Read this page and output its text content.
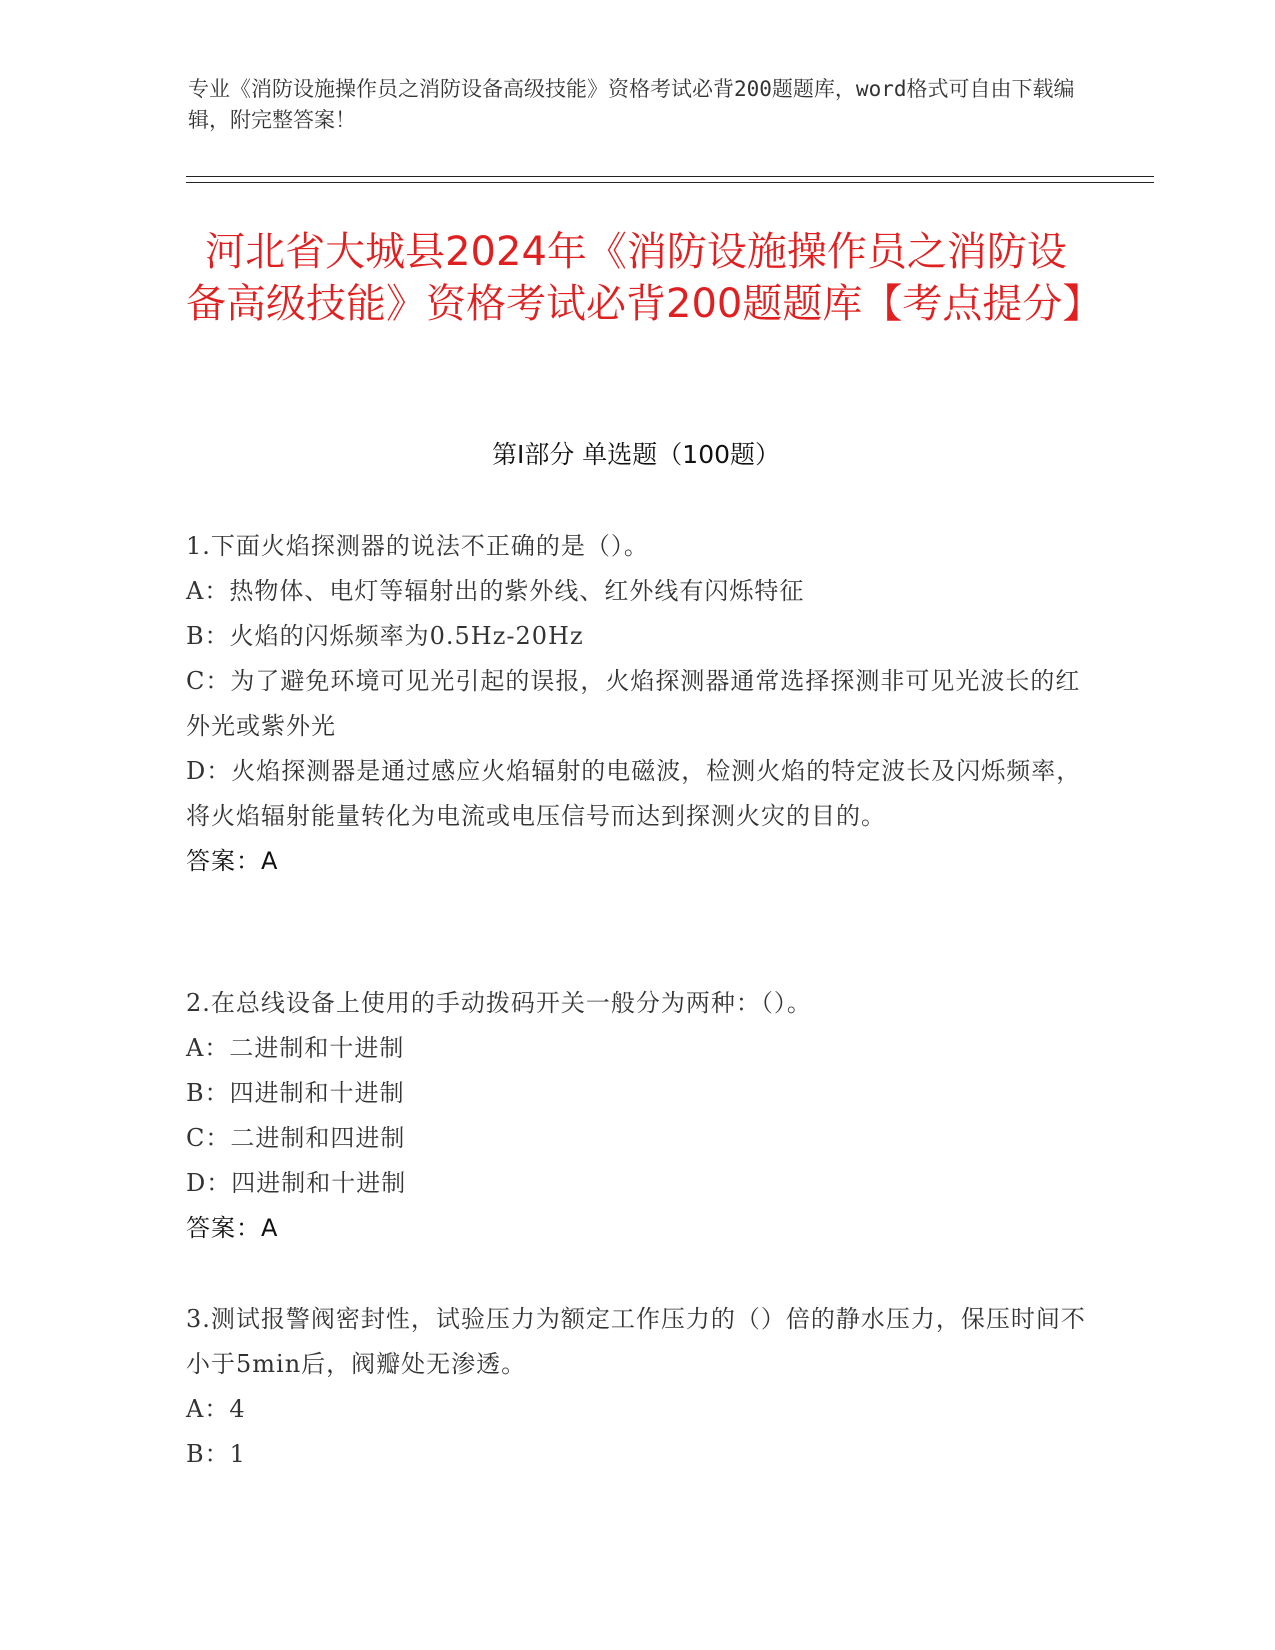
专业《消防设施操作员之消防设备高级技能》资格考试必背200题题库，word格式可自由下载编辑，附完整答案！
河北省大城县2024年《消防设施操作员之消防设备高级技能》资格考试必背200题题库【考点提分】
第I部分 单选题（100题）
1.下面火焰探测器的说法不正确的是（）。
A：热物体、电灯等辐射出的紫外线、红外线有闪烁特征
B：火焰的闪烁频率为0.5Hz-20Hz
C：为了避免环境可见光引起的误报，火焰探测器通常选择探测非可见光波长的红外光或紫外光
D：火焰探测器是通过感应火焰辐射的电磁波，检测火焰的特定波长及闪烁频率，将火焰辐射能量转化为电流或电压信号而达到探测火灾的目的。
答案：A
2.在总线设备上使用的手动拨码开关一般分为两种：（）。
A：二进制和十进制
B：四进制和十进制
C：二进制和四进制
D：四进制和十进制
答案：A
3.测试报警阀密封性，试验压力为额定工作压力的（）倍的静水压力，保压时间不小于5min后，阀瓣处无渗透。
A：4
B：1
